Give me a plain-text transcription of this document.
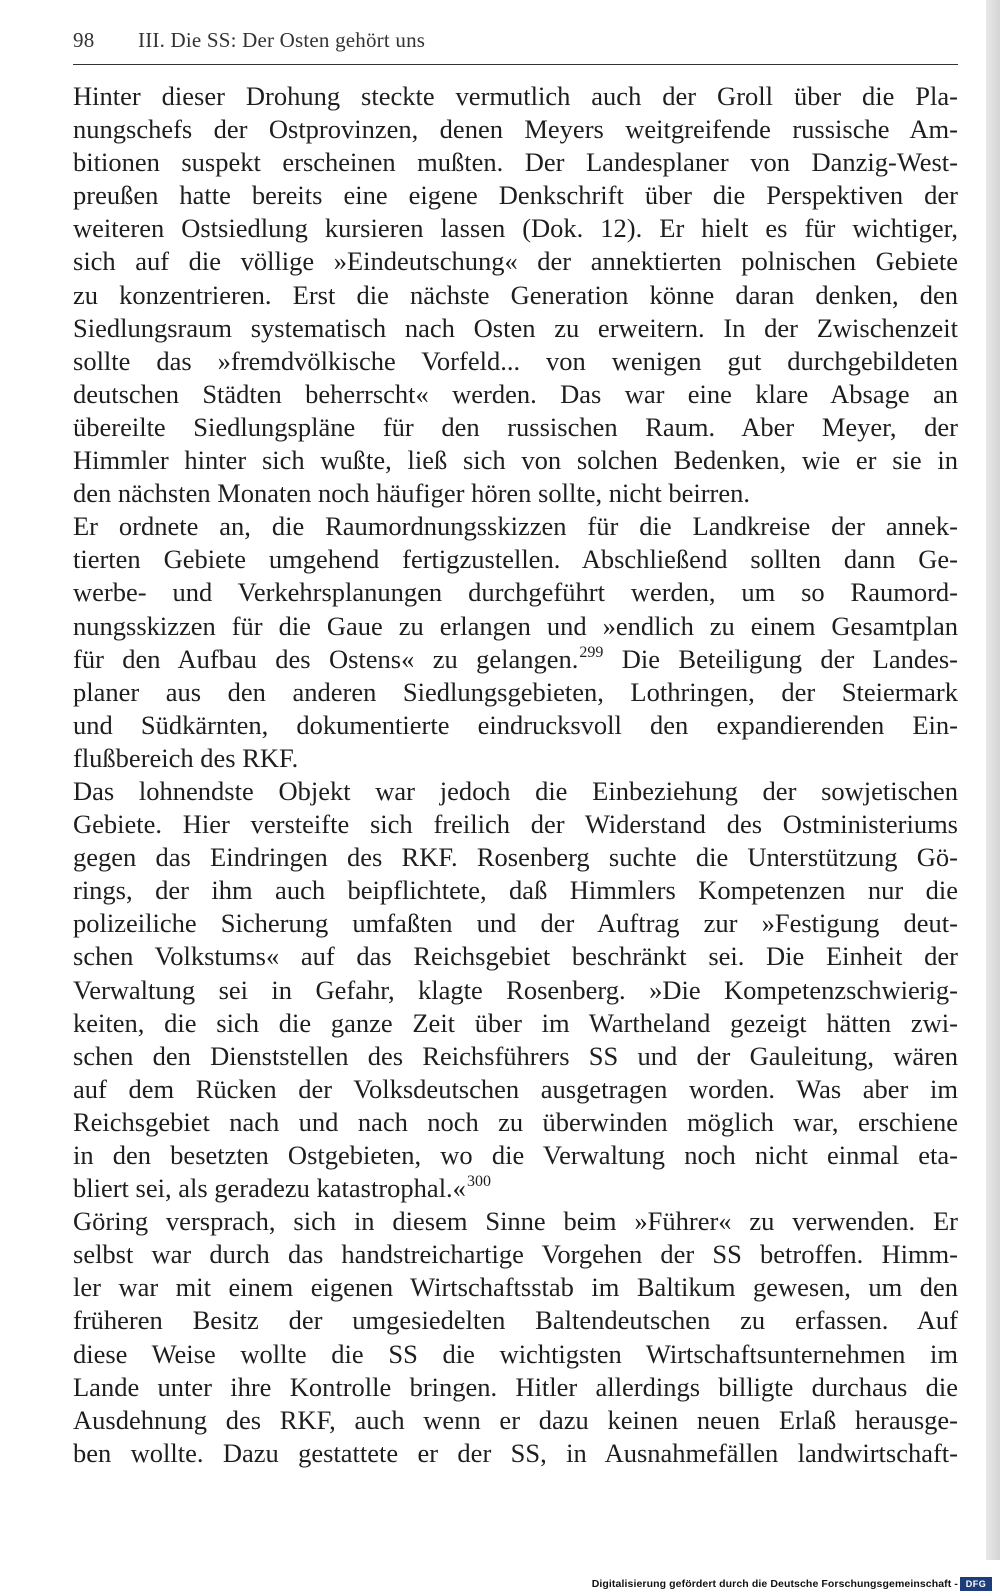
98 III. Die SS: Der Osten gehört uns
Hinter dieser Drohung steckte vermutlich auch der Groll über die Pla-
nungschefs der Ostprovinzen, denen Meyers weitgreifende russische Am-
bitionen suspekt erscheinen mußten. Der Landesplaner von Danzig-West-
preußen hatte bereits eine eigene Denkschrift über die Perspektiven der
weiteren Ostsiedlung kursieren lassen (Dok. 12). Er hielt es für wichtiger,
sich auf die völlige »Eindeutschung« der annektierten polnischen Gebiete
zu konzentrieren. Erst die nächste Generation könne daran denken, den
Siedlungsraum systematisch nach Osten zu erweitern. In der Zwischenzeit
sollte das »fremdvölkische Vorfeld... von wenigen gut durchgebildeten
deutschen Städten beherrscht« werden. Das war eine klare Absage an
übereilte Siedlungspläne für den russischen Raum. Aber Meyer, der
Himmler hinter sich wußte, ließ sich von solchen Bedenken, wie er sie in
den nächsten Monaten noch häufiger hören sollte, nicht beirren.
Er ordnete an, die Raumordnungsskizzen für die Landkreise der annek-
tierten Gebiete umgehend fertigzustellen. Abschließend sollten dann Ge-
werbe- und Verkehrsplanungen durchgeführt werden, um so Raumord-
nungsskizzen für die Gaue zu erlangen und »endlich zu einem Gesamtplan
für den Aufbau des Ostens« zu gelangen.$^{299}$ Die Beteiligung der Landes-
planer aus den anderen Siedlungsgebieten, Lothringen, der Steiermark
und Südkärnten, dokumentierte eindrucksvoll den expandierenden Ein-
flußbereich des RKF.
Das lohnendste Objekt war jedoch die Einbeziehung der sowjetischen
Gebiete. Hier versteifte sich freilich der Widerstand des Ostministeriums
gegen das Eindringen des RKF. Rosenberg suchte die Unterstützung Gö-
rings, der ihm auch beipflichtete, daß Himmlers Kompetenzen nur die
polizeiliche Sicherung umfaßten und der Auftrag zur »Festigung deut-
schen Volkstums« auf das Reichsgebiet beschränkt sei. Die Einheit der
Verwaltung sei in Gefahr, klagte Rosenberg. »Die Kompetenzschwierig-
keiten, die sich die ganze Zeit über im Wartheland gezeigt hätten zwi-
schen den Dienststellen des Reichsführers SS und der Gauleitung, wären
auf dem Rücken der Volksdeutschen ausgetragen worden. Was aber im
Reichsgebiet nach und nach noch zu überwinden möglich war, erschiene
in den besetzten Ostgebieten, wo die Verwaltung noch nicht einmal eta-
bliert sei, als geradezu katastrophal.«$^{300}$
Göring versprach, sich in diesem Sinne beim »Führer« zu verwenden. Er
selbst war durch das handstreichartige Vorgehen der SS betroffen. Himm-
ler war mit einem eigenen Wirtschaftsstab im Baltikum gewesen, um den
früheren Besitz der umgesiedelten Baltendeutschen zu erfassen. Auf
diese Weise wollte die SS die wichtigsten Wirtschaftsunternehmen im
Lande unter ihre Kontrolle bringen. Hitler allerdings billigte durchaus die
Ausdehnung des RKF, auch wenn er dazu keinen neuen Erlaß herausge-
ben wollte. Dazu gestattete er der SS, in Ausnahmefällen landwirtschaft-
Digitalisierung gefördert durch die Deutsche Forschungsgemeinschaft - DFG
